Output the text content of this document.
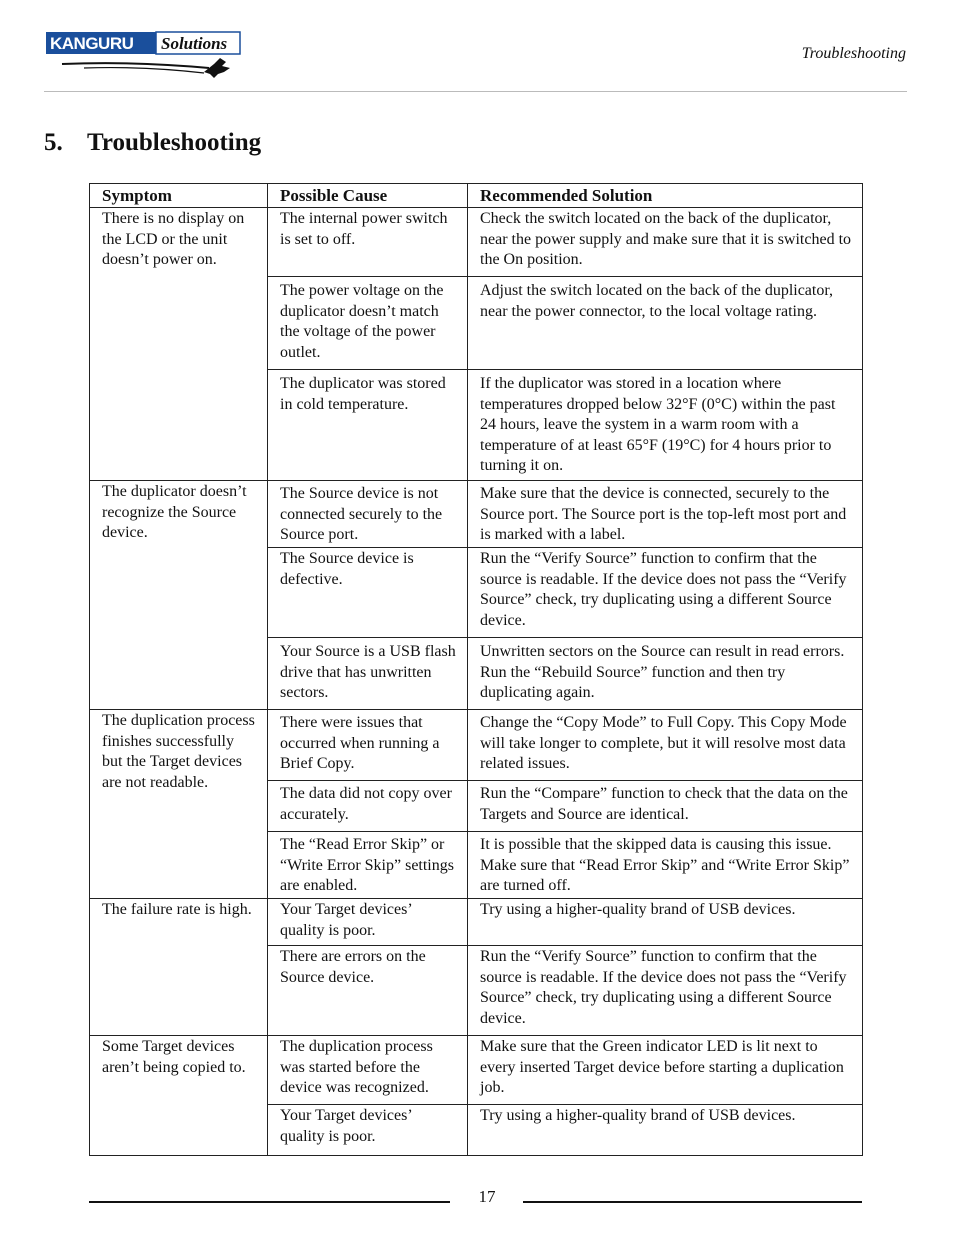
KANGURU Solutions
Troubleshooting
5. Troubleshooting
Symptom	Possible Cause	Recommended Solution
There is no display on the LCD or the unit doesn’t power on.	The internal power switch is set to off.	Check the switch located on the back of the duplicator, near the power supply and make sure that it is switched to the On position.
	The power voltage on the duplicator doesn’t match the voltage of the power outlet.	Adjust the switch located on the back of the duplicator, near the power connector, to the local voltage rating.
	The duplicator was stored in cold temperature.	If the duplicator was stored in a location where temperatures dropped below 32°F (0°C) within the past 24 hours, leave the system in a warm room with a temperature of at least 65°F (19°C) for 4 hours prior to turning it on.
The duplicator doesn’t recognize the Source device.	The Source device is not connected securely to the Source port.	Make sure that the device is connected, securely to the Source port. The Source port is the top-left most port and is marked with a label.
	The Source device is defective.	Run the “Verify Source” function to confirm that the source is readable. If the device does not pass the “Verify Source” check, try duplicating using a different Source device.
	Your Source is a USB flash drive that has unwritten sectors.	Unwritten sectors on the Source can result in read errors. Run the “Rebuild Source” function and then try duplicating again.
The duplication process finishes successfully but the Target devices are not readable.	There were issues that occurred when running a Brief Copy.	Change the “Copy Mode” to Full Copy. This Copy Mode will take longer to complete, but it will resolve most data related issues.
	The data did not copy over accurately.	Run the “Compare” function to check that the data on the Targets and Source are identical.
	The “Read Error Skip” or “Write Error Skip” settings are enabled.	It is possible that the skipped data is causing this issue. Make sure that “Read Error Skip” and “Write Error Skip” are turned off.
The failure rate is high.	Your Target devices’ quality is poor.	Try using a higher-quality brand of USB devices.
	There are errors on the Source device.	Run the “Verify Source” function to confirm that the source is readable. If the device does not pass the “Verify Source” check, try duplicating using a different Source device.
Some Target devices aren’t being copied to.	The duplication process was started before the device was recognized.	Make sure that the Green indicator LED is lit next to every inserted Target device before starting a duplication job.
	Your Target devices’ quality is poor.	Try using a higher-quality brand of USB devices.
17
